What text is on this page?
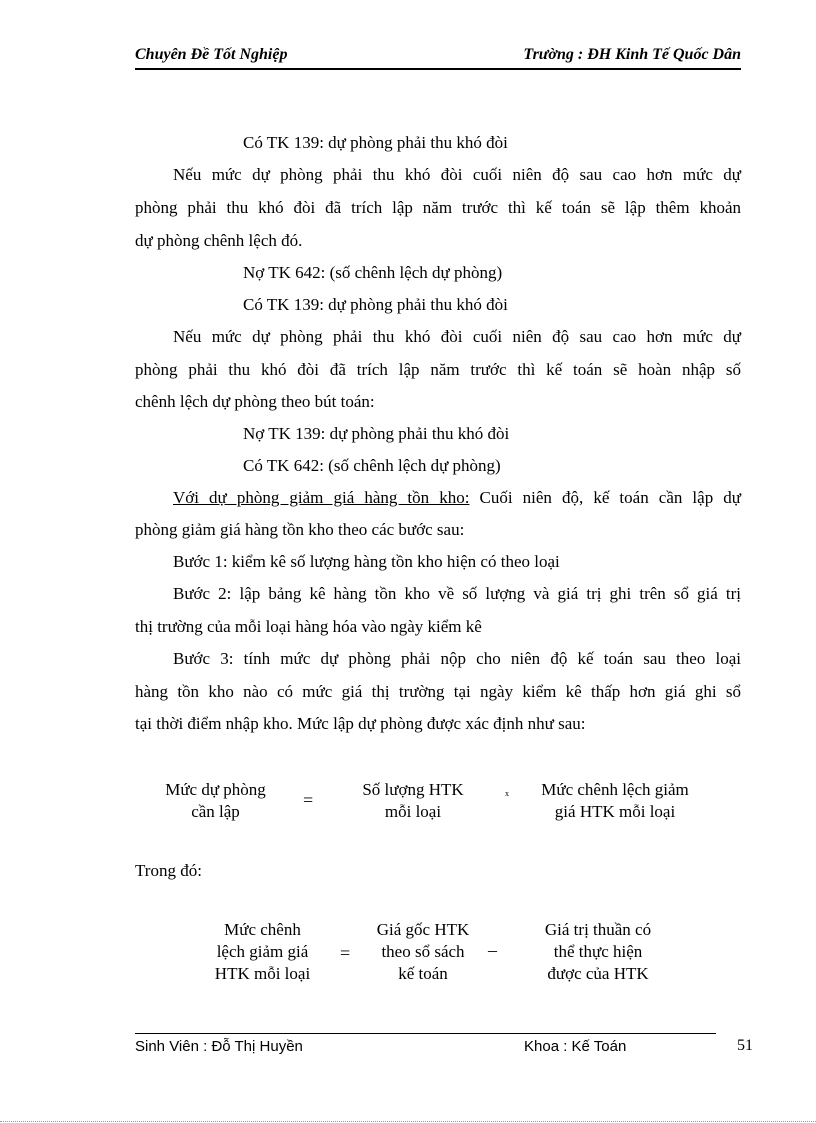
Chuyên Đề Tốt Nghiệp	Trường : ĐH Kinh Tế Quốc Dân
Có TK 139: dự phòng phải thu khó đòi
Nếu mức dự phòng phải thu khó đòi cuối niên độ sau cao hơn mức dự
phòng phải thu khó đòi đã trích lập năm trước thì kế toán sẽ lập thêm khoản
dự phòng chênh lệch đó.
Nợ TK 642: (số chênh lệch dự phòng)
Có TK 139: dự phòng phải thu khó đòi
Nếu mức dự phòng phải thu khó đòi cuối niên độ sau cao hơn mức dự
phòng phải thu khó đòi đã trích lập năm trước thì kế toán sẽ hoàn nhập số
chênh lệch dự phòng theo bút toán:
Nợ TK 139: dự phòng phải thu khó đòi
Có TK 642: (số chênh lệch dự phòng)
Với dự phòng giảm giá hàng tồn kho: Cuối niên độ, kế toán cần lập dự
phòng giảm giá hàng tồn kho theo các bước sau:
Bước 1: kiểm kê số lượng hàng tồn kho hiện có theo loại
Bước 2: lập bảng kê hàng tồn kho về số lượng và giá trị ghi trên sổ giá trị
thị trường của mỗi loại hàng hóa vào ngày kiểm kê
Bước 3: tính mức dự phòng phải nộp cho niên độ kế toán sau theo loại
hàng tồn kho nào có mức giá thị trường tại ngày kiểm kê thấp hơn giá ghi sổ
tại thời điểm nhập kho. Mức lập dự phòng được xác định như sau:
Mức dự phòng
cần lập
=
Số lượng HTK
mỗi loại
x	Mức chênh lệch giảm
giá HTK mỗi loại
Trong đó:
Mức chênh
lệch giảm giá
HTK mỗi loại
=
Giá gốc HTK
theo sổ sách
kế toán
–
Giá trị thuần có
thể thực hiện
được của HTK
Sinh Viên : Đỗ Thị Huyền	Khoa : Kế Toán	51
